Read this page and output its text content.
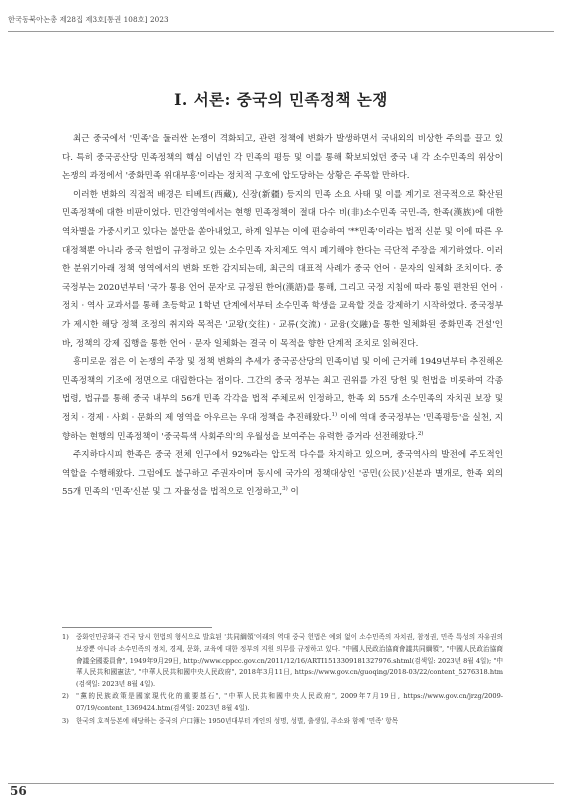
한국동북아논총 제28집 제3호[통권 108호] 2023
Ⅰ. 서론: 중국의 민족정책 논쟁

최근 중국에서 '민족'을 둘러싼 논쟁이 격화되고, 관련 정책에 변화가 발생하면서 국내외의 비상한 주의를 끌고 있다. 특히 중국공산당 민족정책의 핵심 이념인 각 민족의 평등 및 이를 통해 확보되었던 중국 내 각 소수민족의 위상이 논쟁의 과정에서 '중화민족 위대부흥'이라는 정치적 구호에 압도당하는 상황은 주목할 만하다.

이러한 변화의 직접적 배경은 티베트(西藏), 신장(新疆) 등지의 민족 소요 사태 및 이를 계기로 전국적으로 확산된 민족정책에 대한 비판이었다. 민간영역에서는 현행 민족정책이 절대 다수 비(非)소수민족 국민-즉, 한족(漢族)에 대한 역차별을 가중시키고 있다는 불만을 쏟아내었고, 하계 일부는 이에 편승하여 '**민족'이라는 법적 신분 및 이에 따른 우대정책뿐 아니라 중국 헌법이 규정하고 있는 소수민족 자치제도 역시 폐기해야 한다는 극단적 주장을 제기하였다. 이러한 분위기아래 정책 영역에서의 변화 또한 감지되는데, 최근의 대표적 사례가 중국 언어 · 문자의 일체화 조치이다. 중국정부는 2020년부터 '국가 통용 언어 문자'로 규정된 한어(漢語)를 통해, 그리고 국정 지침에 따라 통일 편찬된 언어 · 정치 · 역사 교과서를 통해 초등학교 1학년 단계에서부터 소수민족 학생을 교육할 것을 강제하기 시작하였다. 중국정부가 제시한 해당 정책 조정의 취지와 목적은 '교왕(交往) · 교류(交流) · 교융(交融)을 통한 일체화된 중화민족 건설'인바, 정책의 강제 집행을 통한 언어 · 문자 일체화는 결국 이 목적을 향한 단계적 조치로 읽혀진다.

흥미로운 점은 이 논쟁의 주장 및 정책 변화의 추세가 중국공산당의 민족이념 및 이에 근거해 1949년부터 추진해온 민족정책의 기조에 정면으로 대립한다는 점이다. 그간의 중국 정부는 최고 권위를 가진 당헌 및 헌법을 비롯하여 각종 법령, 법규를 통해 중국 내부의 56개 민족 각각을 법적 주체로써 인정하고, 한족 외 55개 소수민족의 자치권 보장 및 정치 · 경제 · 사회 · 문화의 제 영역을 아우르는 우대 정책을 추진해왔다.$^{1)}$ 이에 역대 중국정부는 '민족평등'을 실천, 지향하는 현행의 민족정책이 '중국특색 사회주의'의 우월성을 보여주는 유력한 증거라 선전해왔다.$^{2)}$

주지하다시피 한족은 중국 전체 인구에서 92%라는 압도적 다수를 차지하고 있으며, 중국역사의 발전에 주도적인 역할을 수행해왔다. 그럼에도 불구하고 주권자이며 동시에 국가의 정책대상인 '공민(公民)'신분과 별개로, 한족 외의 55개 민족의 '민족'신분 및 그 자율성을 법적으로 인정하고,$^{3)}$ 이

1)	중화인민공화국 건국 당시 헌법의 형식으로 발효된 '共同綱領'이래의 역대 중국 헌법은 예외 없이 소수민족의 자치권, 참정권, 민족 특성의 자유권의 보장뿐 아니라 소수민족의 정치, 경제, 문화, 교육에 대한 정부의 지원 의무를 규정하고 있다. "中國人民政治協商會議共同綱領", "中國人民政治協商會議全國委員會", 1949年9月29日, http://www.cppcc.gov.cn/2011/12/16/ARTI1513309181327976.shtml(검색일: 2023년 8월 4일); "中華人民共和國憲法", "中華人民共和國中央人民政府", 2018年3月11日, https://www.gov.cn/guoqing/2018-03/22/content_5276318.htm (검색일: 2023년 8월 4일).
2)	"黨的民族政策是國家現代化的重要基石", "中華人民共和國中央人民政府", 2009年7月19日, https://www.gov.cn/jrzg/2009-07/19/content_1369424.htm(검색일: 2023년 8월 4일).
3)	한국의 호적등본에 해당하는 중국의 户口簿는 1950년대부터 개인의 성명, 성별, 출생일, 주소와 함께 '민족' 항목
56
